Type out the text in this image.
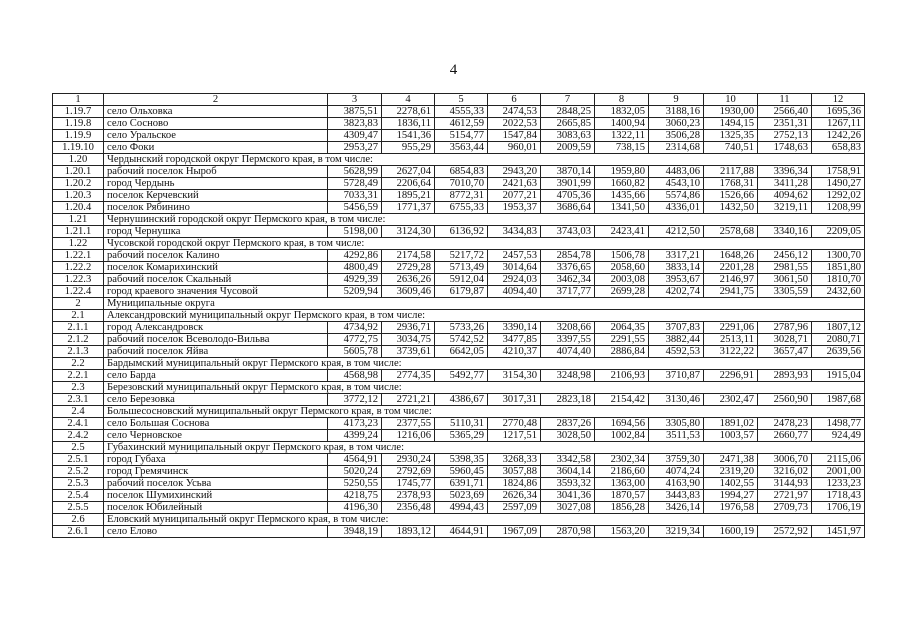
4
1	2	3	4	5	6	7	8	9	10	11	12
1.19.7	село Ольховка	3875,51	2278,61	4555,33	2474,53	2848,25	1832,05	3188,16	1930,00	2566,40	1695,36
1.19.8	село Сосново	3823,83	1836,11	4612,59	2022,53	2665,85	1400,94	3060,23	1494,15	2351,31	1267,11
1.19.9	село Уральское	4309,47	1541,36	5154,77	1547,84	3083,63	1322,11	3506,28	1325,35	2752,13	1242,26
1.19.10	село Фоки	2953,27	955,29	3563,44	960,01	2009,59	738,15	2314,68	740,51	1748,63	658,83
1.20	Чердынский городской округ Пермского края, в том числе:										
1.20.1	рабочий поселок Ныроб	5628,99	2627,04	6854,83	2943,20	3870,14	1959,80	4483,06	2117,88	3396,34	1758,91
1.20.2	город Чердынь	5728,49	2206,64	7010,70	2421,63	3901,99	1660,82	4543,10	1768,31	3411,28	1490,27
1.20.3	поселок Керчевский	7033,31	1895,21	8772,31	2077,21	4705,36	1435,66	5574,86	1526,66	4094,62	1292,02
1.20.4	поселок Рябинино	5456,59	1771,37	6755,33	1953,37	3686,64	1341,50	4336,01	1432,50	3219,11	1208,99
1.21	Чернушинский городской округ Пермского края, в том числе:										
1.21.1	город Чернушка	5198,00	3124,30	6136,92	3434,83	3743,03	2423,41	4212,50	2578,68	3340,16	2209,05
1.22	Чусовской городской округ Пермского края, в том числе:										
1.22.1	рабочий поселок Калино	4292,86	2174,58	5217,72	2457,53	2854,78	1506,78	3317,21	1648,26	2456,12	1300,70
1.22.2	поселок Комарихинский	4800,49	2729,28	5713,49	3014,64	3376,65	2058,60	3833,14	2201,28	2981,55	1851,80
1.22.3	рабочий поселок Скальный	4929,39	2636,26	5912,04	2924,03	3462,34	2003,08	3953,67	2146,97	3061,50	1810,70
1.22.4	город краевого значения Чусовой	5209,94	3609,46	6179,87	4094,40	3717,77	2699,28	4202,74	2941,75	3305,59	2432,60
2	Муниципальные округа										
2.1	Александровский муниципальный округ Пермского края, в том числе:										
2.1.1	город Александровск	4734,92	2936,71	5733,26	3390,14	3208,66	2064,35	3707,83	2291,06	2787,96	1807,12
2.1.2	рабочий поселок Всеволодо-Вильва	4772,75	3034,75	5742,52	3477,85	3397,55	2291,55	3882,44	2513,11	3028,71	2080,71
2.1.3	рабочий поселок Яйва	5605,78	3739,61	6642,05	4210,37	4074,40	2886,84	4592,53	3122,22	3657,47	2639,56
2.2	Бардымский муниципальный округ Пермского края, в том числе:										
2.2.1	село Барда	4568,98	2774,35	5492,77	3154,30	3248,98	2106,93	3710,87	2296,91	2893,93	1915,04
2.3	Березовский муниципальный округ Пермского края, в том числе:										
2.3.1	село Березовка	3772,12	2721,21	4386,67	3017,31	2823,18	2154,42	3130,46	2302,47	2560,90	1987,68
2.4	Большесосновский муниципальный округ Пермского края, в том числе:										
2.4.1	село Большая Соснова	4173,23	2377,55	5110,31	2770,48	2837,26	1694,56	3305,80	1891,02	2478,23	1498,77
2.4.2	село Черновское	4399,24	1216,06	5365,29	1217,51	3028,50	1002,84	3511,53	1003,57	2660,77	924,49
2.5	Губахинский муниципальный округ Пермского края, в том числе:										
2.5.1	город Губаха	4564,91	2930,24	5398,35	3268,33	3342,58	2302,34	3759,30	2471,38	3006,70	2115,06
2.5.2	город Гремячинск	5020,24	2792,69	5960,45	3057,88	3604,14	2186,60	4074,24	2319,20	3216,02	2001,00
2.5.3	рабочий поселок Усьва	5250,55	1745,77	6391,71	1824,86	3593,32	1363,00	4163,90	1402,55	3144,93	1233,23
2.5.4	поселок Шумихинский	4218,75	2378,93	5023,69	2626,34	3041,36	1870,57	3443,83	1994,27	2721,97	1718,43
2.5.5	поселок Юбилейный	4196,30	2356,48	4994,43	2597,09	3027,08	1856,28	3426,14	1976,58	2709,73	1706,19
2.6	Еловский муниципальный округ Пермского края, в том числе:										
2.6.1	село Елово	3948,19	1893,12	4644,91	1967,09	2870,98	1563,20	3219,34	1600,19	2572,92	1451,97
